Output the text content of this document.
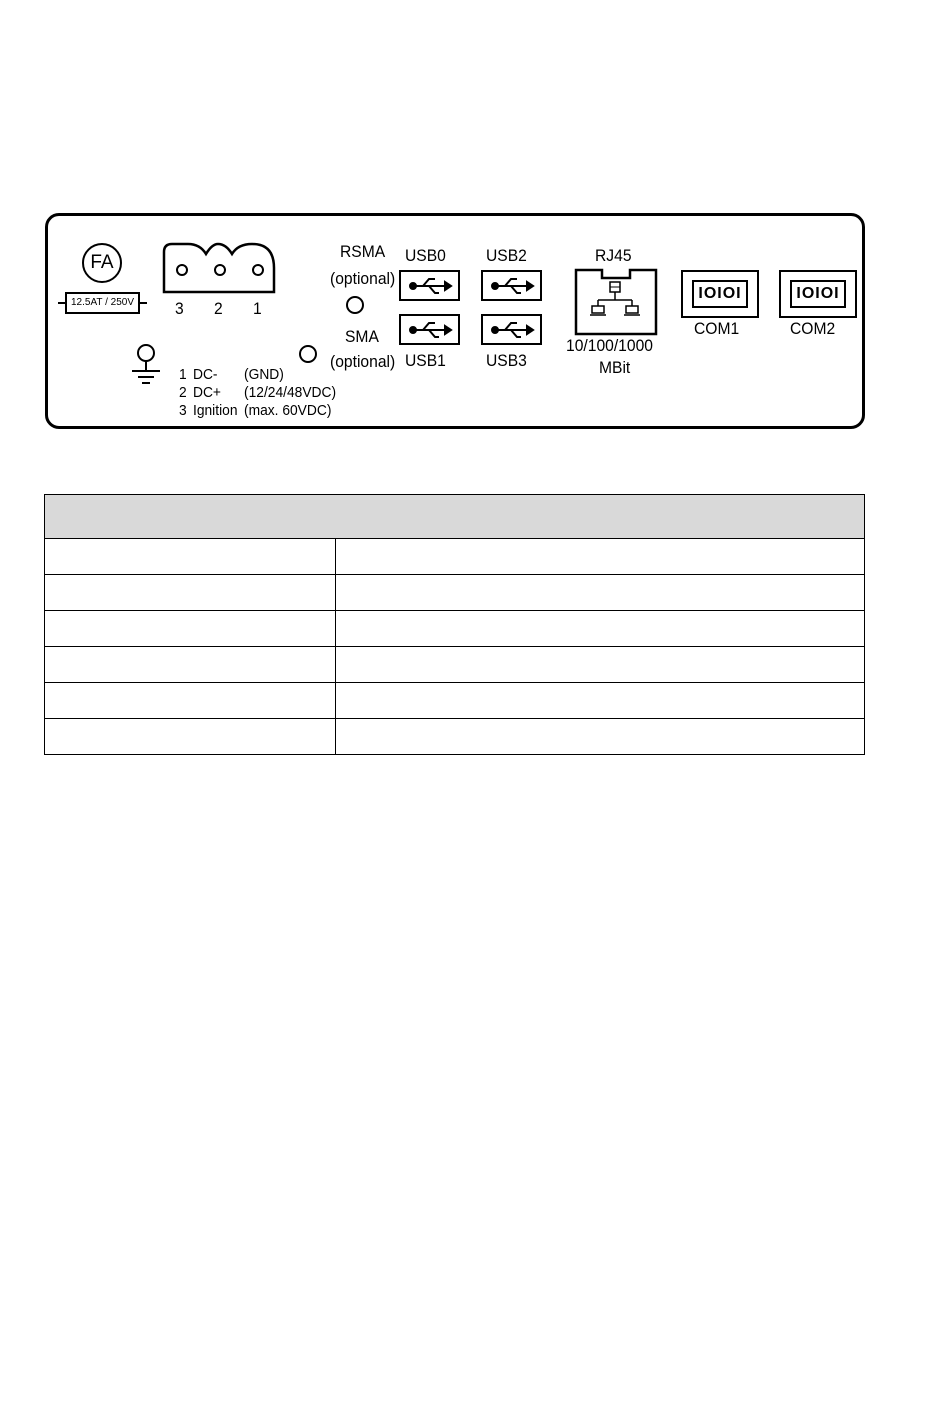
FA
12.5AT / 250V	3 2 1
1 DC- (GND)
2 DC+ (12/24/48VDC)
3 Ignition (max. 60VDC)
RSMA
(optional)
SMA
(optional)
USB0 USB2
USB1 USB3
RJ45
10/100/1000
MBit
IOIOI
COM1
IOIOI
COM2
